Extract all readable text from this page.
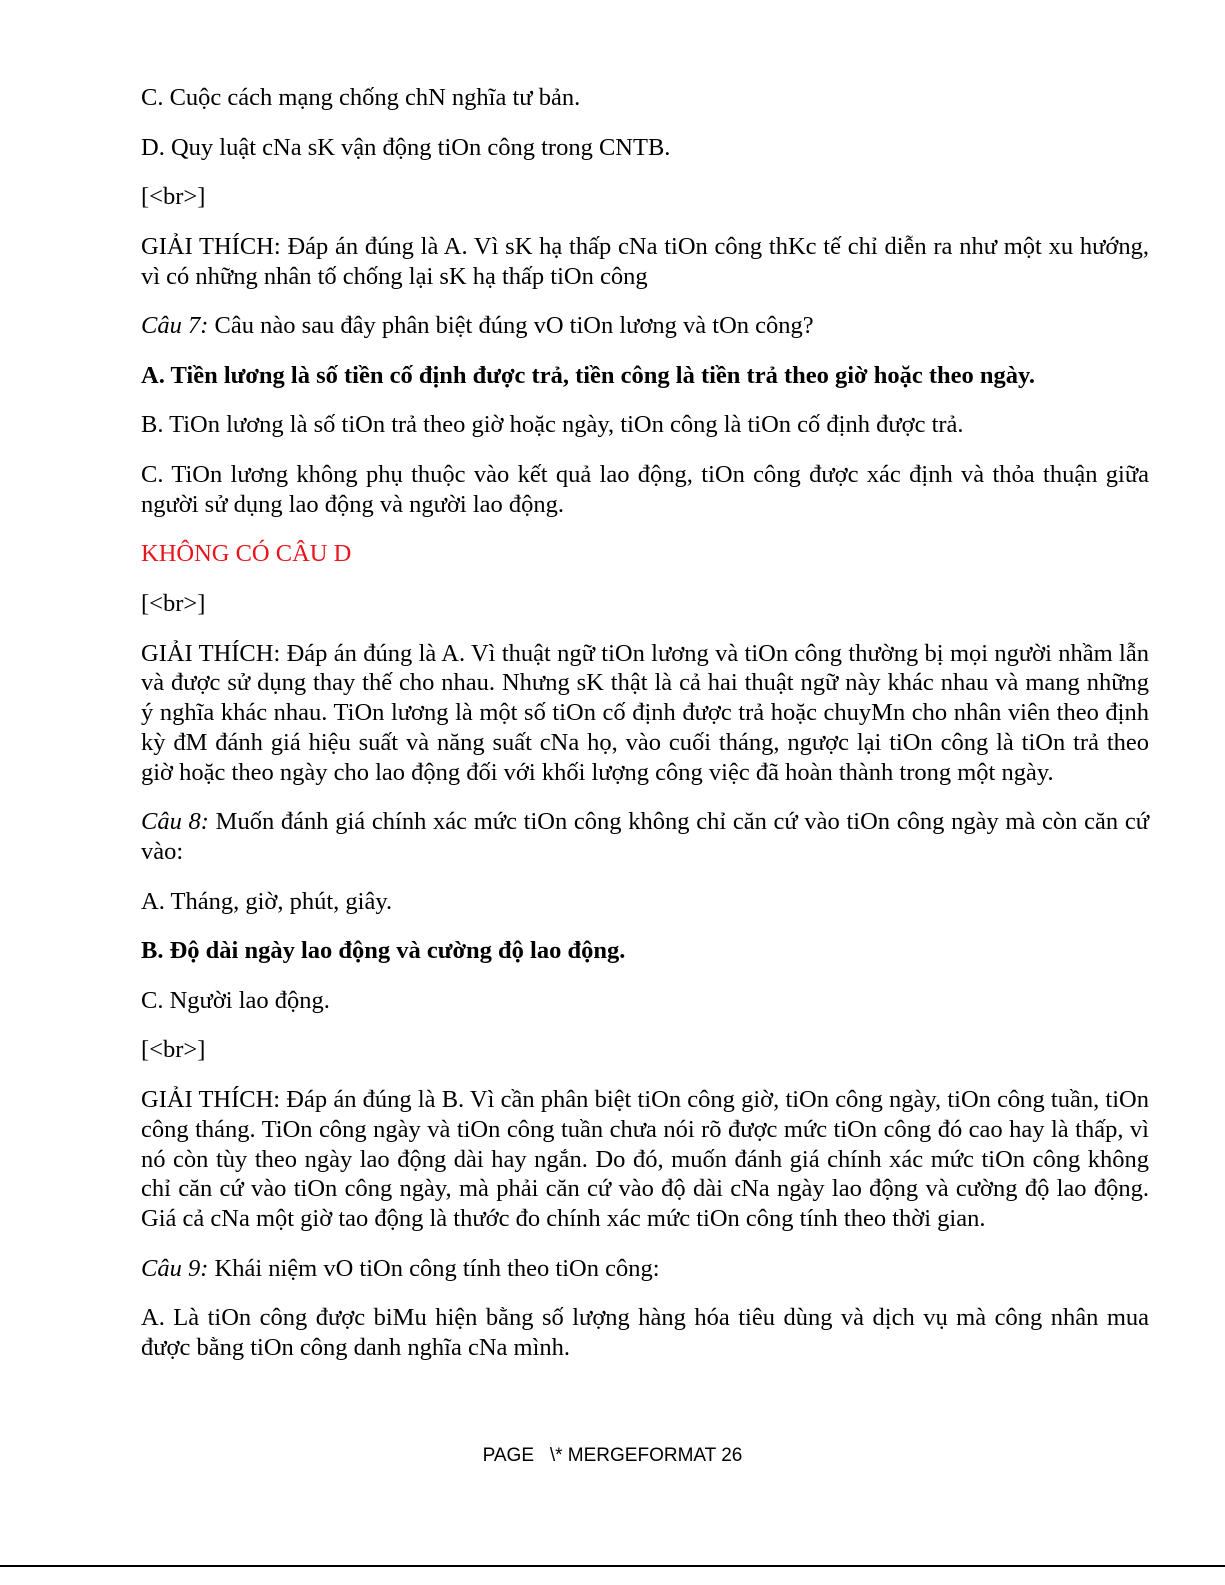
C. Cuộc cách mạng chống chN nghĩa tư bản.

D. Quy luật cNa sK vận động tiOn công trong CNTB.

[<br>]

GIẢI THÍCH: Đáp án đúng là A. Vì sK hạ thấp cNa tiOn công thKc tế chỉ diễn ra như một xu hướng, vì có những nhân tố chống lại sK hạ thấp tiOn công

Câu 7: Câu nào sau đây phân biệt đúng vO tiOn lương và tOn công?

A. Tiền lương là số tiền cố định được trả, tiền công là tiền trả theo giờ hoặc theo ngày.

B. TiOn lương là số tiOn trả theo giờ hoặc ngày, tiOn công là tiOn cố định được trả.

C. TiOn lương không phụ thuộc vào kết quả lao động, tiOn công được xác định và thỏa thuận giữa người sử dụng lao động và người lao động.

KHÔNG CÓ CÂU D

[<br>]

GIẢI THÍCH: Đáp án đúng là A. Vì thuật ngữ tiOn lương và tiOn công thường bị mọi người nhầm lẫn và được sử dụng thay thế cho nhau. Nhưng sK thật là cả hai thuật ngữ này khác nhau và mang những ý nghĩa khác nhau. TiOn lương là một số tiOn cố định được trả hoặc chuyMn cho nhân viên theo định kỳ đM đánh giá hiệu suất và năng suất cNa họ, vào cuối tháng, ngược lại tiOn công là tiOn trả theo giờ hoặc theo ngày cho lao động đối với khối lượng công việc đã hoàn thành trong một ngày.

Câu 8: Muốn đánh giá chính xác mức tiOn công không chỉ căn cứ vào tiOn công ngày mà còn căn cứ vào:

A. Tháng, giờ, phút, giây.

B. Độ dài ngày lao động và cường độ lao động.

C. Người lao động.

[<br>]

GIẢI THÍCH: Đáp án đúng là B. Vì cần phân biệt tiOn công giờ, tiOn công ngày, tiOn công tuần, tiOn công tháng. TiOn công ngày và tiOn công tuần chưa nói rõ được mức tiOn công đó cao hay là thấp, vì nó còn tùy theo ngày lao động dài hay ngắn. Do đó, muốn đánh giá chính xác mức tiOn công không chỉ căn cứ vào tiOn công ngày, mà phải căn cứ vào độ dài cNa ngày lao động và cường độ lao động. Giá cả cNa một giờ tao động là thước đo chính xác mức tiOn công tính theo thời gian.

Câu 9: Khái niệm vO tiOn công tính theo tiOn công:

A. Là tiOn công được biMu hiện bằng số lượng hàng hóa tiêu dùng và dịch vụ mà công nhân mua được bằng tiOn công danh nghĩa cNa mình.

PAGE   \* MERGEFORMAT 26
